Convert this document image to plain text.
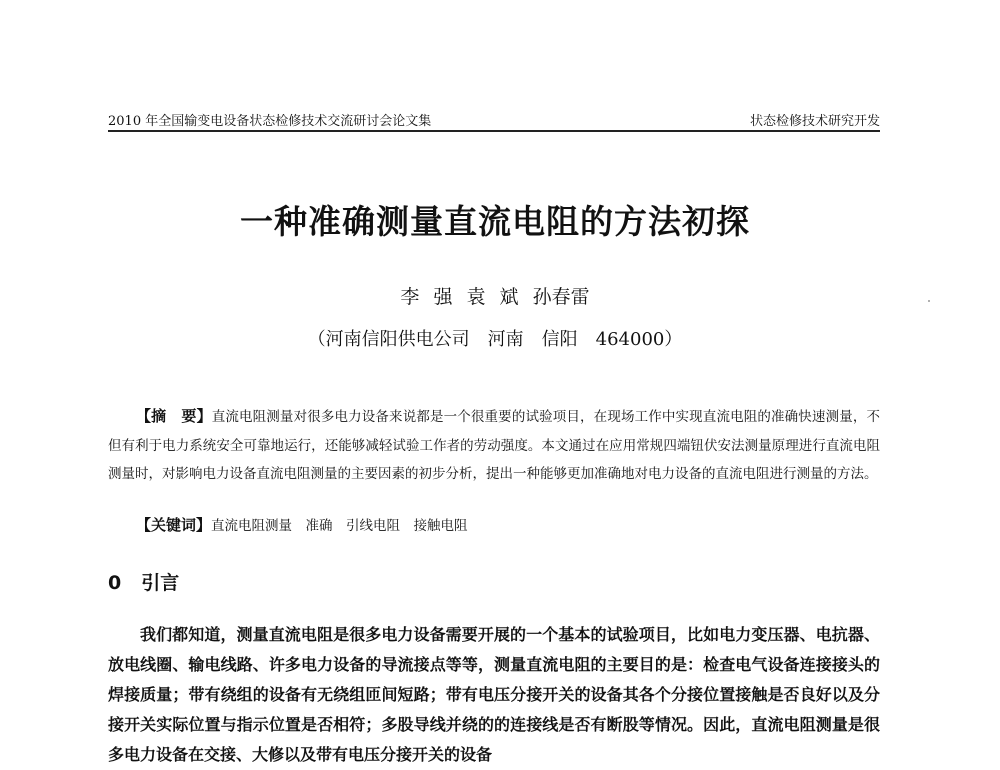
2010 年全国输变电设备状态检修技术交流研讨会论文集	状态检修技术研究开发
一种准确测量直流电阻的方法初探
李 强 袁 斌 孙春雷
（河南信阳供电公司　河南　信阳　464000）
【摘　要】直流电阻测量对很多电力设备来说都是一个很重要的试验项目，在现场工作中实现直流电阻的准确快速测量，不但有利于电力系统安全可靠地运行，还能够减轻试验工作者的劳动强度。本文通过在应用常规四端钮伏安法测量原理进行直流电阻测量时，对影响电力设备直流电阻测量的主要因素的初步分析，提出一种能够更加准确地对电力设备的直流电阻进行测量的方法。
【关键词】直流电阻测量　准确　引线电阻　接触电阻
0 引言
我们都知道，测量直流电阻是很多电力设备需要开展的一个基本的试验项目，比如电力变压器、电抗器、放电线圈、输电线路、许多电力设备的导流接点等等，测量直流电阻的主要目的是：检查电气设备连接接头的焊接质量；带有绕组的设备有无绕组匝间短路；带有电压分接开关的设备其各个分接位置接触是否良好以及分接开关实际位置与指示位置是否相符；多股导线并绕的的连接线是否有断股等情况。因此，直流电阻测量是很多电力设备在交接、大修以及带有电压分接开关的设备
